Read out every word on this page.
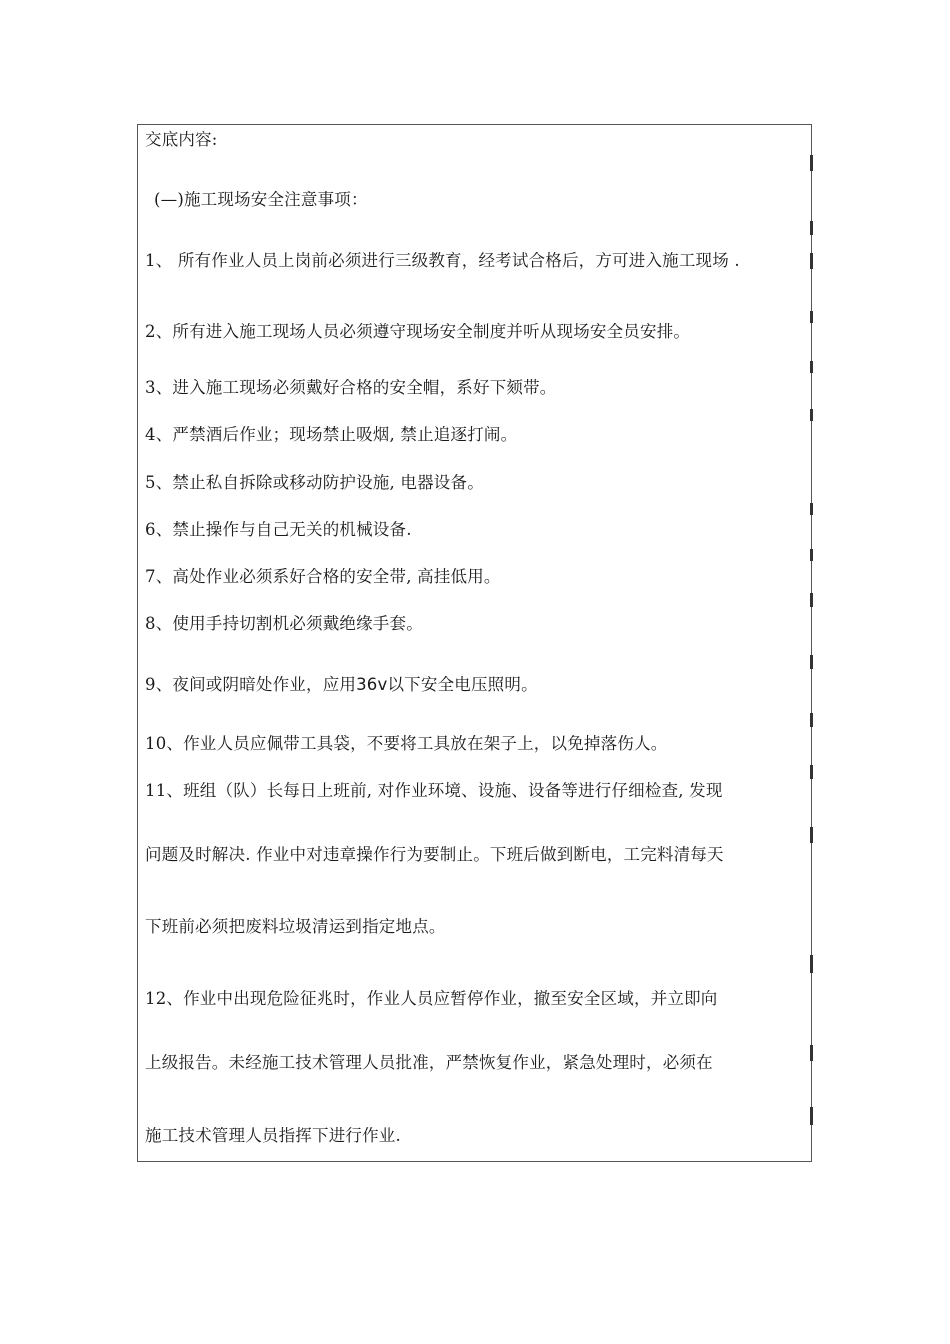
交底内容:
(—)施工现场安全注意事项：
1、 所有作业人员上岗前必须进行三级教育，经考试合格后，方可进入施工现场 .
2、所有进入施工现场人员必须遵守现场安全制度并听从现场安全员安排。
3、进入施工现场必须戴好合格的安全帽，系好下颏带。
4、严禁酒后作业；现场禁止吸烟, 禁止追逐打闹。
5、禁止私自拆除或移动防护设施, 电器设备。
6、禁止操作与自己无关的机械设备.
7、高处作业必须系好合格的安全带, 高挂低用。
8、使用手持切割机必须戴绝缘手套。
9、夜间或阴暗处作业，应用36v以下安全电压照明。
10、作业人员应佩带工具袋，不要将工具放在架子上，以免掉落伤人。
11、班组（队）长每日上班前, 对作业环境、设施、设备等进行仔细检查, 发现
问题及时解决. 作业中对违章操作行为要制止。下班后做到断电，工完料清每天
下班前必须把废料垃圾清运到指定地点。
12、作业中出现危险征兆时，作业人员应暂停作业，撤至安全区域，并立即向
上级报告。未经施工技术管理人员批准，严禁恢复作业，紧急处理时，必须在
施工技术管理人员指挥下进行作业.
